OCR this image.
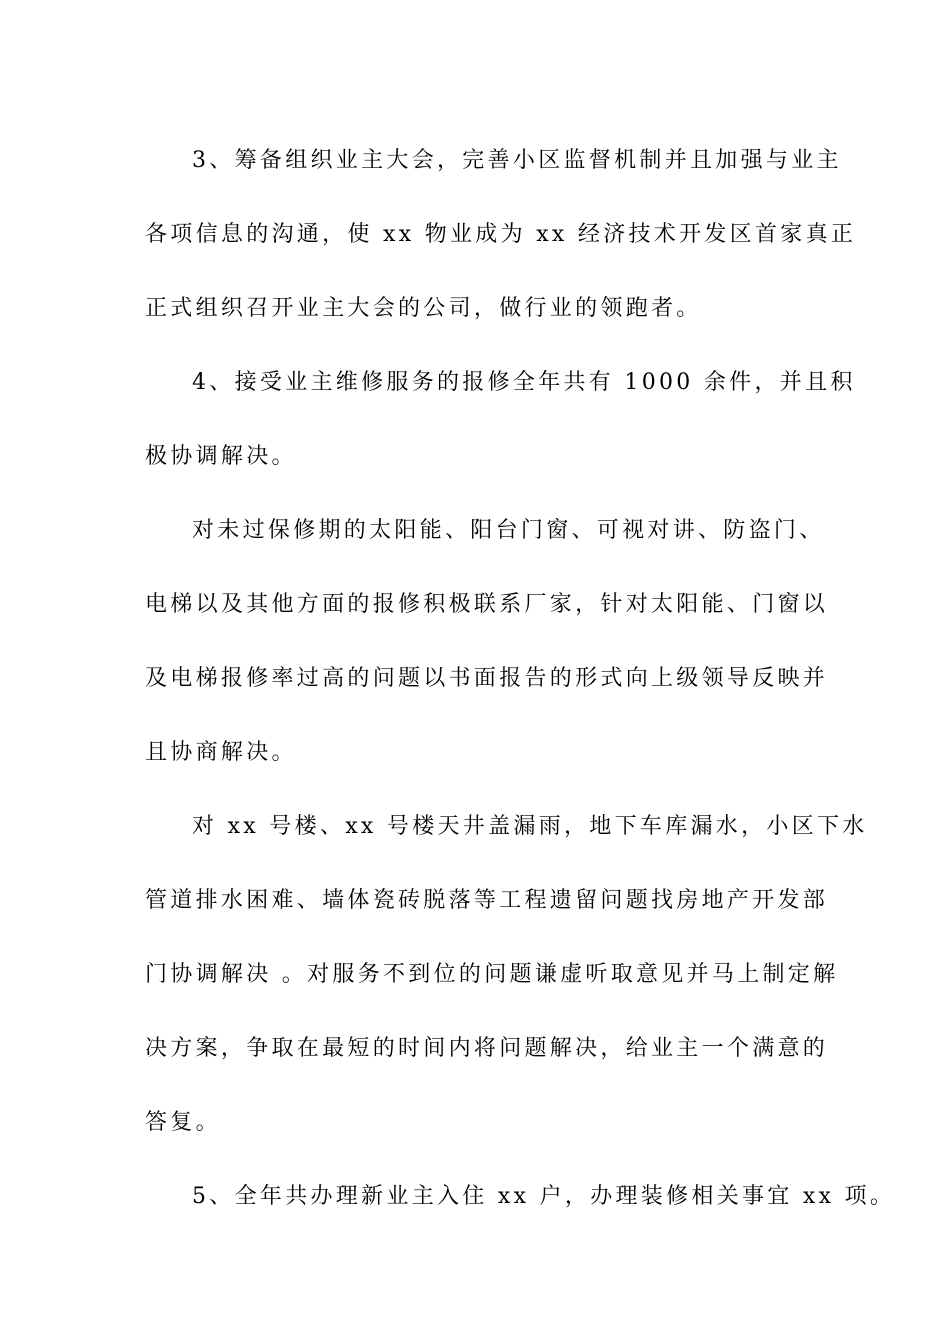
3、筹备组织业主大会，完善小区监督机制并且加强与业主
各项信息的沟通，使 xx 物业成为 xx 经济技术开发区首家真正
正式组织召开业主大会的公司，做行业的领跑者。
4、接受业主维修服务的报修全年共有 1000 余件，并且积
极协调解决。
对未过保修期的太阳能、阳台门窗、可视对讲、防盗门、
电梯以及其他方面的报修积极联系厂家，针对太阳能、门窗以
及电梯报修率过高的问题以书面报告的形式向上级领导反映并
且协商解决。
对 xx 号楼、xx 号楼天井盖漏雨，地下车库漏水，小区下水
管道排水困难、墙体瓷砖脱落等工程遗留问题找房地产开发部
门协调解决 。对服务不到位的问题谦虚听取意见并马上制定解
决方案，争取在最短的时间内将问题解决，给业主一个满意的
答复。
5、全年共办理新业主入住 xx 户，办理装修相关事宜 xx 项。
